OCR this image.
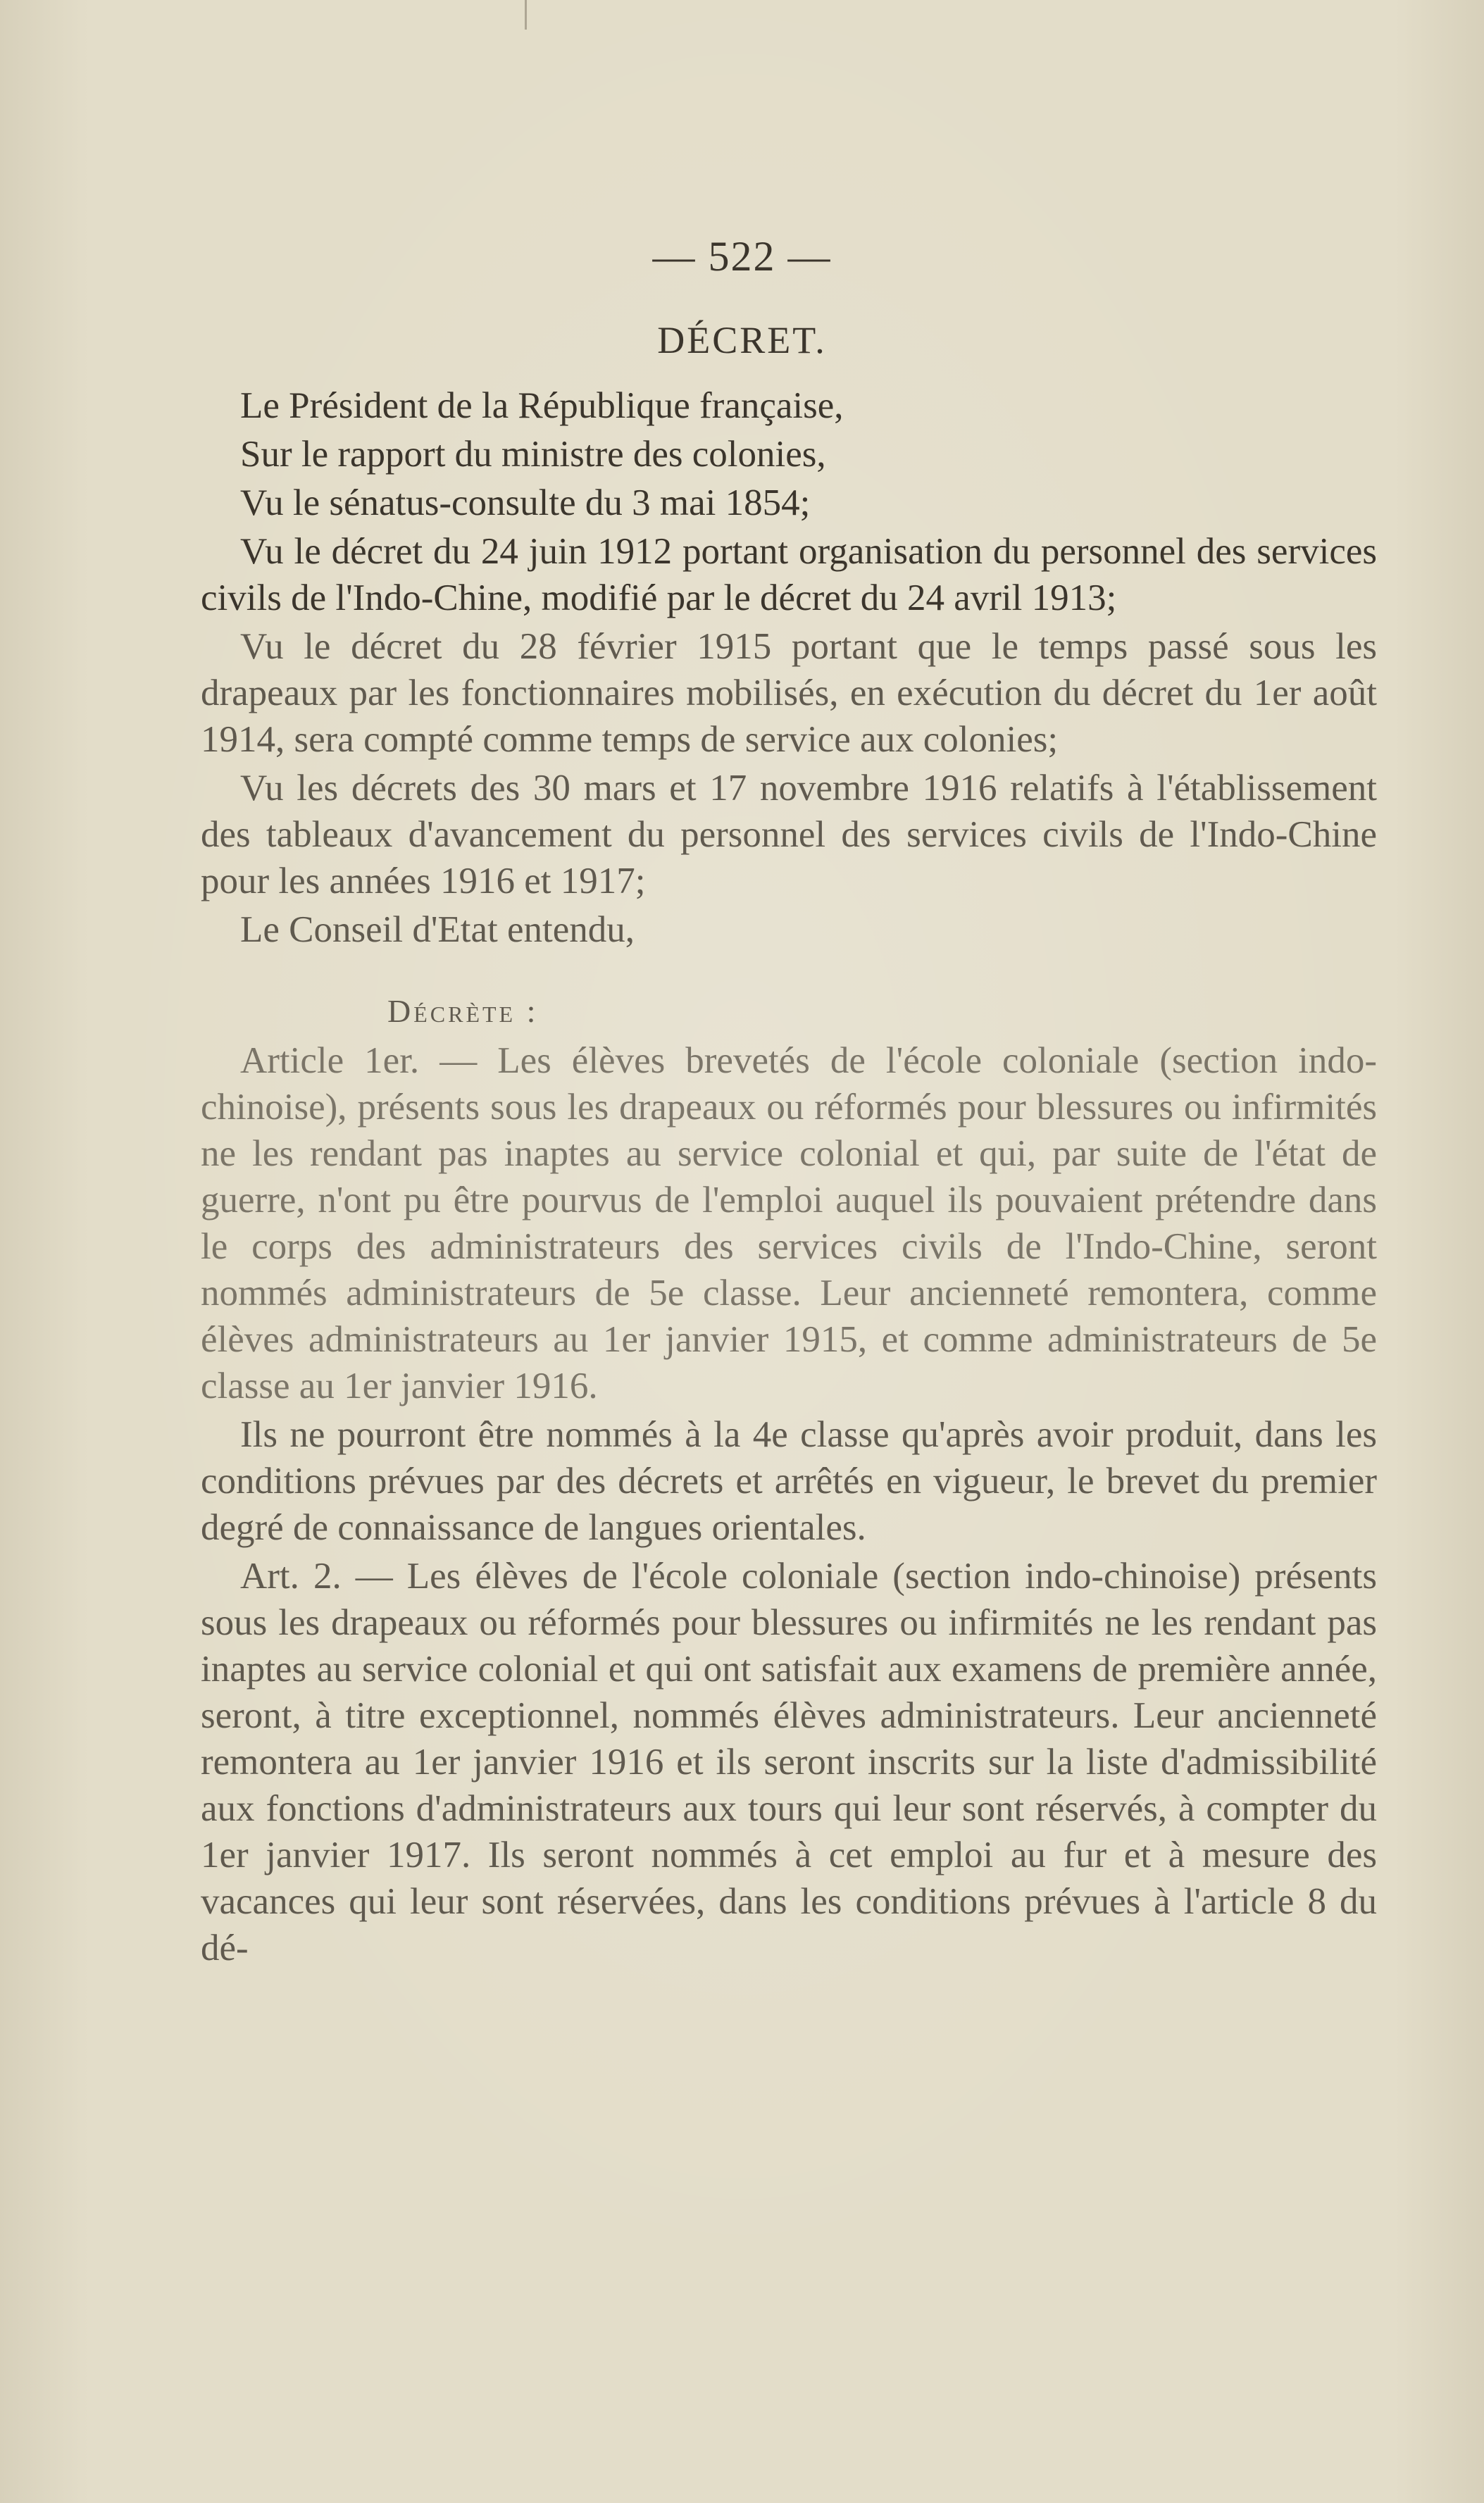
— 522 —
DÉCRET.

Le Président de la République française,

Sur le rapport du ministre des colonies,

Vu le sénatus-consulte du 3 mai 1854;

Vu le décret du 24 juin 1912 portant organisation du personnel des services civils de l'Indo-Chine, modifié par le décret du 24 avril 1913;

Vu le décret du 28 février 1915 portant que le temps passé sous les drapeaux par les fonctionnaires mobilisés, en exécution du décret du 1er août 1914, sera compté comme temps de service aux colonies;

Vu les décrets des 30 mars et 17 novembre 1916 relatifs à l'établissement des tableaux d'avancement du personnel des services civils de l'Indo-Chine pour les années 1916 et 1917;

Le Conseil d'Etat entendu,

Décrète :

Article 1er. — Les élèves brevetés de l'école coloniale (section indo-chinoise), présents sous les drapeaux ou réformés pour blessures ou infirmités ne les rendant pas inaptes au service colonial et qui, par suite de l'état de guerre, n'ont pu être pourvus de l'emploi auquel ils pouvaient prétendre dans le corps des administrateurs des services civils de l'Indo-Chine, seront nommés administrateurs de 5e classe. Leur ancienneté remontera, comme élèves administrateurs au 1er janvier 1915, et comme administrateurs de 5e classe au 1er janvier 1916.

Ils ne pourront être nommés à la 4e classe qu'après avoir produit, dans les conditions prévues par des décrets et arrêtés en vigueur, le brevet du premier degré de connaissance de langues orientales.

Art. 2. — Les élèves de l'école coloniale (section indo-chinoise) présents sous les drapeaux ou réformés pour blessures ou infirmités ne les rendant pas inaptes au service colonial et qui ont satisfait aux examens de première année, seront, à titre exceptionnel, nommés élèves administrateurs. Leur ancienneté remontera au 1er janvier 1916 et ils seront inscrits sur la liste d'admissibilité aux fonctions d'administrateurs aux tours qui leur sont réservés, à compter du 1er janvier 1917. Ils seront nommés à cet emploi au fur et à mesure des vacances qui leur sont réservées, dans les conditions prévues à l'article 8 du dé-
